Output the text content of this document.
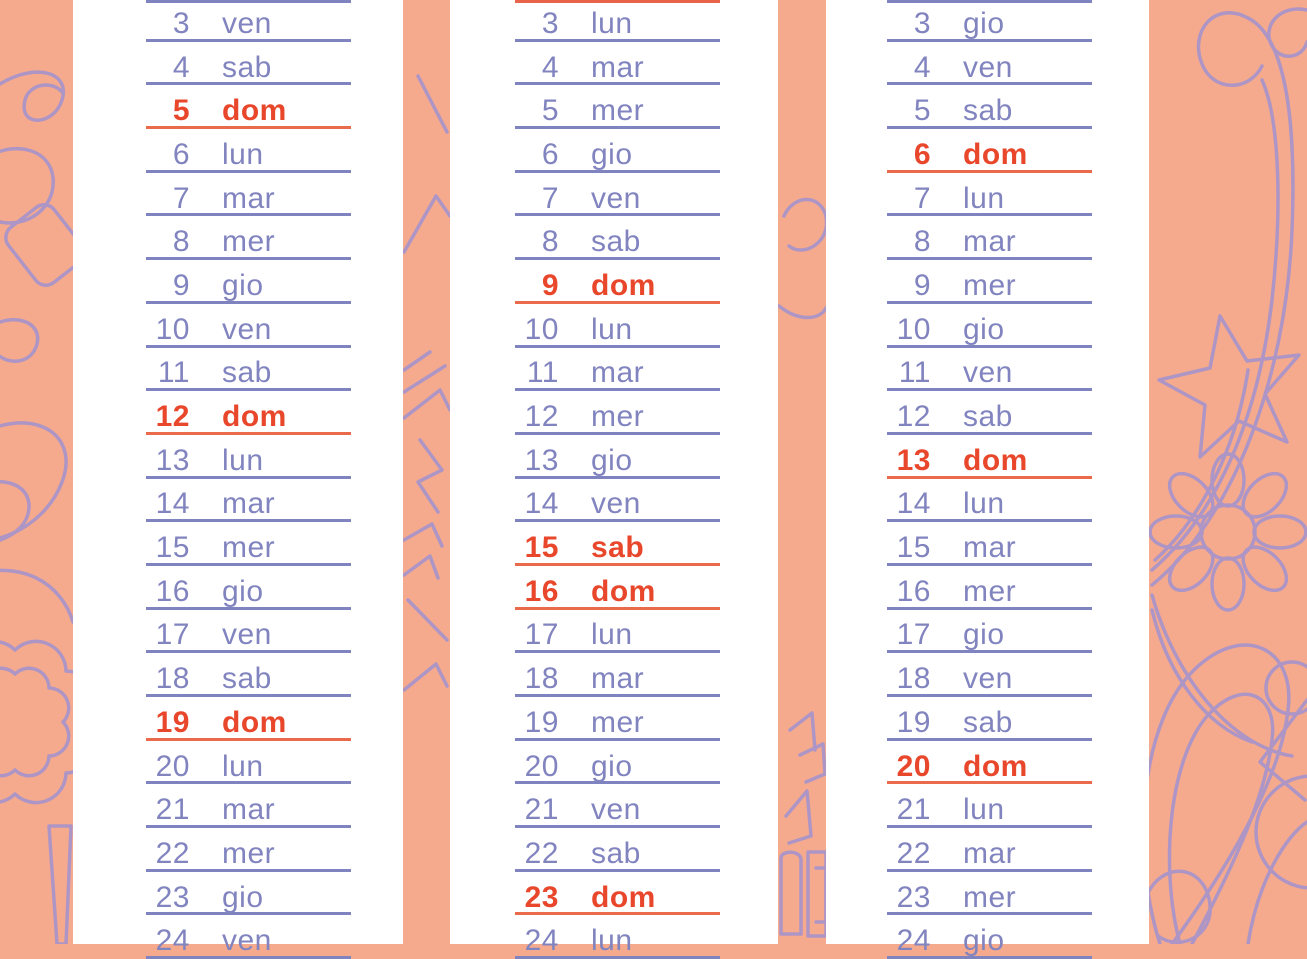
3 ven
4 sab
5 dom
6 lun
7 mar
8 mer
9 gio
10 ven
11 sab
12 dom
13 lun
14 mar
15 mer
16 gio
17 ven
18 sab
19 dom
20 lun
21 mar
22 mer
23 gio
24 ven
3 lun
4 mar
5 mer
6 gio
7 ven
8 sab
9 dom
10 lun
11 mar
12 mer
13 gio
14 ven
15 sab
16 dom
17 lun
18 mar
19 mer
20 gio
21 ven
22 sab
23 dom
24 lun
3 gio
4 ven
5 sab
6 dom
7 lun
8 mar
9 mer
10 gio
11 ven
12 sab
13 dom
14 lun
15 mar
16 mer
17 gio
18 ven
19 sab
20 dom
21 lun
22 mar
23 mer
24 gio
